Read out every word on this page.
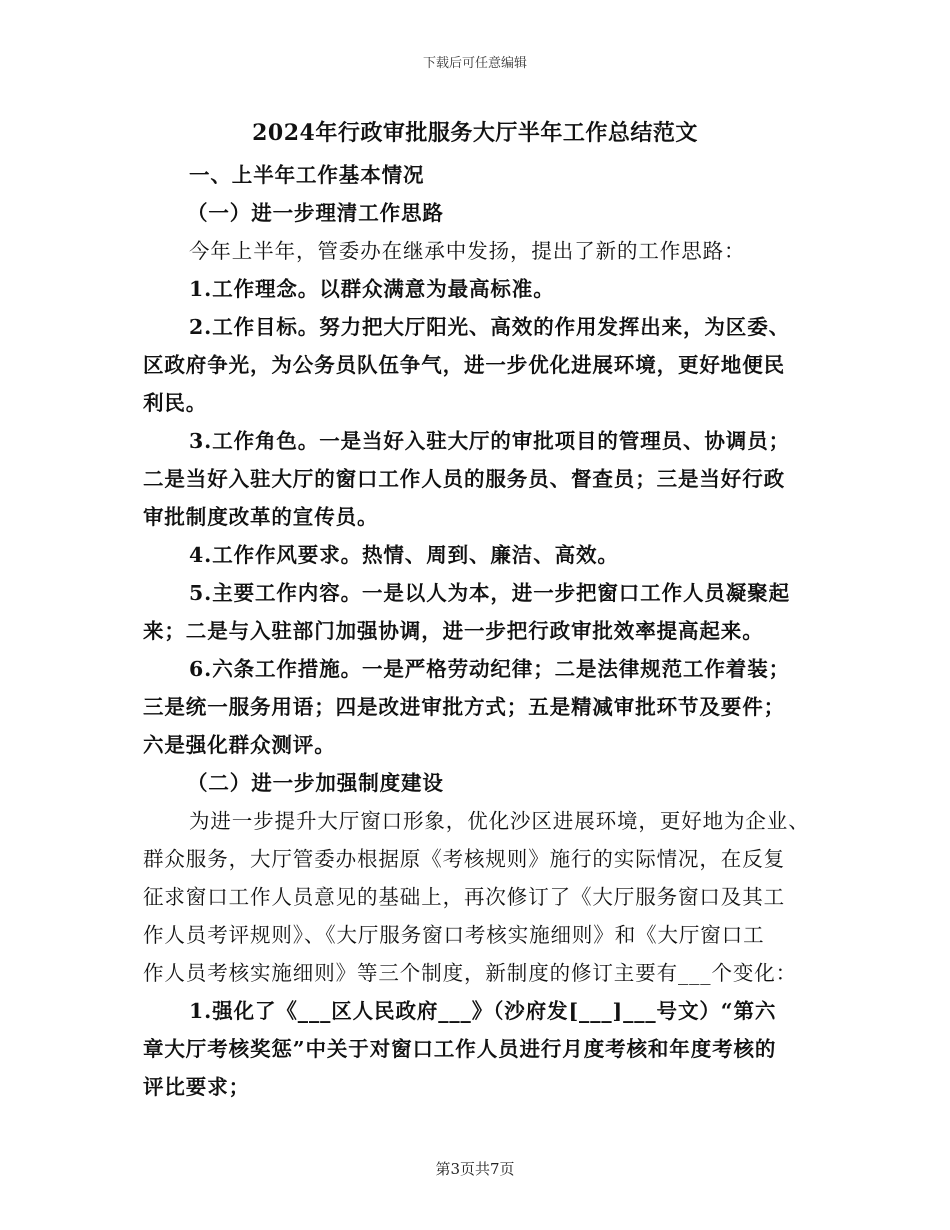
下载后可任意编辑
2024年行政审批服务大厅半年工作总结范文
一、上半年工作基本情况
（一）进一步理清工作思路
今年上半年，管委办在继承中发扬，提出了新的工作思路：
1.工作理念。以群众满意为最高标准。
2.工作目标。努力把大厅阳光、高效的作用发挥出来，为区委、
区政府争光，为公务员队伍争气，进一步优化进展环境，更好地便民
利民。
3.工作角色。一是当好入驻大厅的审批项目的管理员、协调员；
二是当好入驻大厅的窗口工作人员的服务员、督查员；三是当好行政
审批制度改革的宣传员。
4.工作作风要求。热情、周到、廉洁、高效。
5.主要工作内容。一是以人为本，进一步把窗口工作人员凝聚起
来；二是与入驻部门加强协调，进一步把行政审批效率提高起来。
6.六条工作措施。一是严格劳动纪律；二是法律规范工作着装；
三是统一服务用语；四是改进审批方式；五是精减审批环节及要件；
六是强化群众测评。
（二）进一步加强制度建设
为进一步提升大厅窗口形象，优化沙区进展环境，更好地为企业、
群众服务，大厅管委办根据原《考核规则》施行的实际情况，在反复
征求窗口工作人员意见的基础上，再次修订了《大厅服务窗口及其工
作人员考评规则》、《大厅服务窗口考核实施细则》和《大厅窗口工
作人员考核实施细则》等三个制度，新制度的修订主要有___个变化：
1.强化了《___区人民政府___》（沙府发[___]___号文）“第六
章大厅考核奖惩”中关于对窗口工作人员进行月度考核和年度考核的
评比要求；
第3页共7页
